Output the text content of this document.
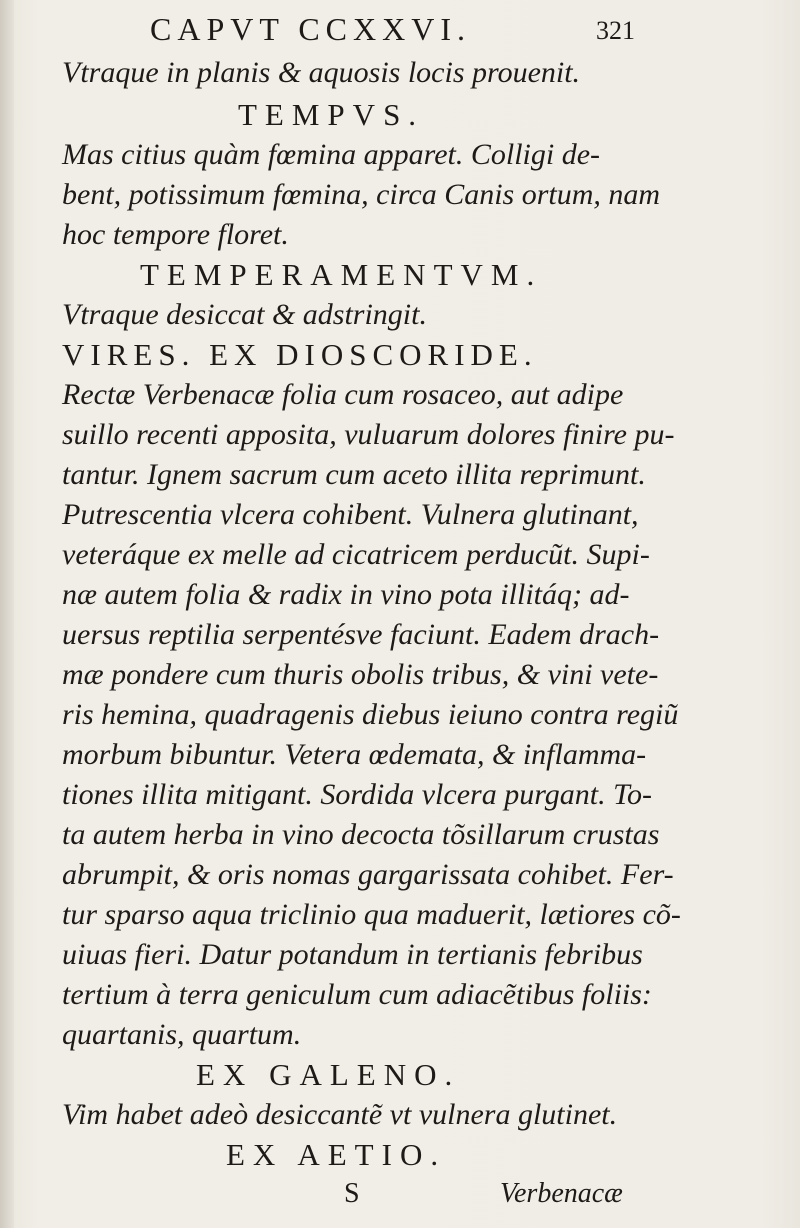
CAPVT CCXXVI.	321
Vtraque in planis & aquosis locis prouenit.
TEMPVS.
Mas citius quàm fœmina apparet. Colligi de-
bent, potissimum fœmina, circa Canis ortum, nam
hoc tempore floret.
TEMPERAMENTVM.
Vtraque desiccat & adstringit.
VIRES. EX DIOSCORIDE.
Rectæ Verbenacæ folia cum rosaceo, aut adipe
suillo recenti apposita, vuluarum dolores finire pu-
tantur. Ignem sacrum cum aceto illita reprimunt.
Putrescentia vlcera cohibent. Vulnera glutinant,
veteráque ex melle ad cicatricem perducũt. Supi-
næ autem folia & radix in vino pota illitáq; ad-
uersus reptilia serpentésve faciunt. Eadem drach-
mæ pondere cum thuris obolis tribus, & vini vete-
ris hemina, quadragenis diebus ieiuno contra regiũ
morbum bibuntur. Vetera œdemata, & inflamma-
tiones illita mitigant. Sordida vlcera purgant. To-
ta autem herba in vino decocta tõsillarum crustas
abrumpit, & oris nomas gargarissata cohibet. Fer-
tur sparso aqua triclinio qua maduerit, lætiores cõ-
uiuas fieri. Datur potandum in tertianis febribus
tertium à terra geniculum cum adiacẽtibus foliis:
quartanis, quartum.
EX GALENO.
Vim habet adeò desiccantẽ vt vulnera glutinet.
EX AETIO.
S	Verbenacæ
